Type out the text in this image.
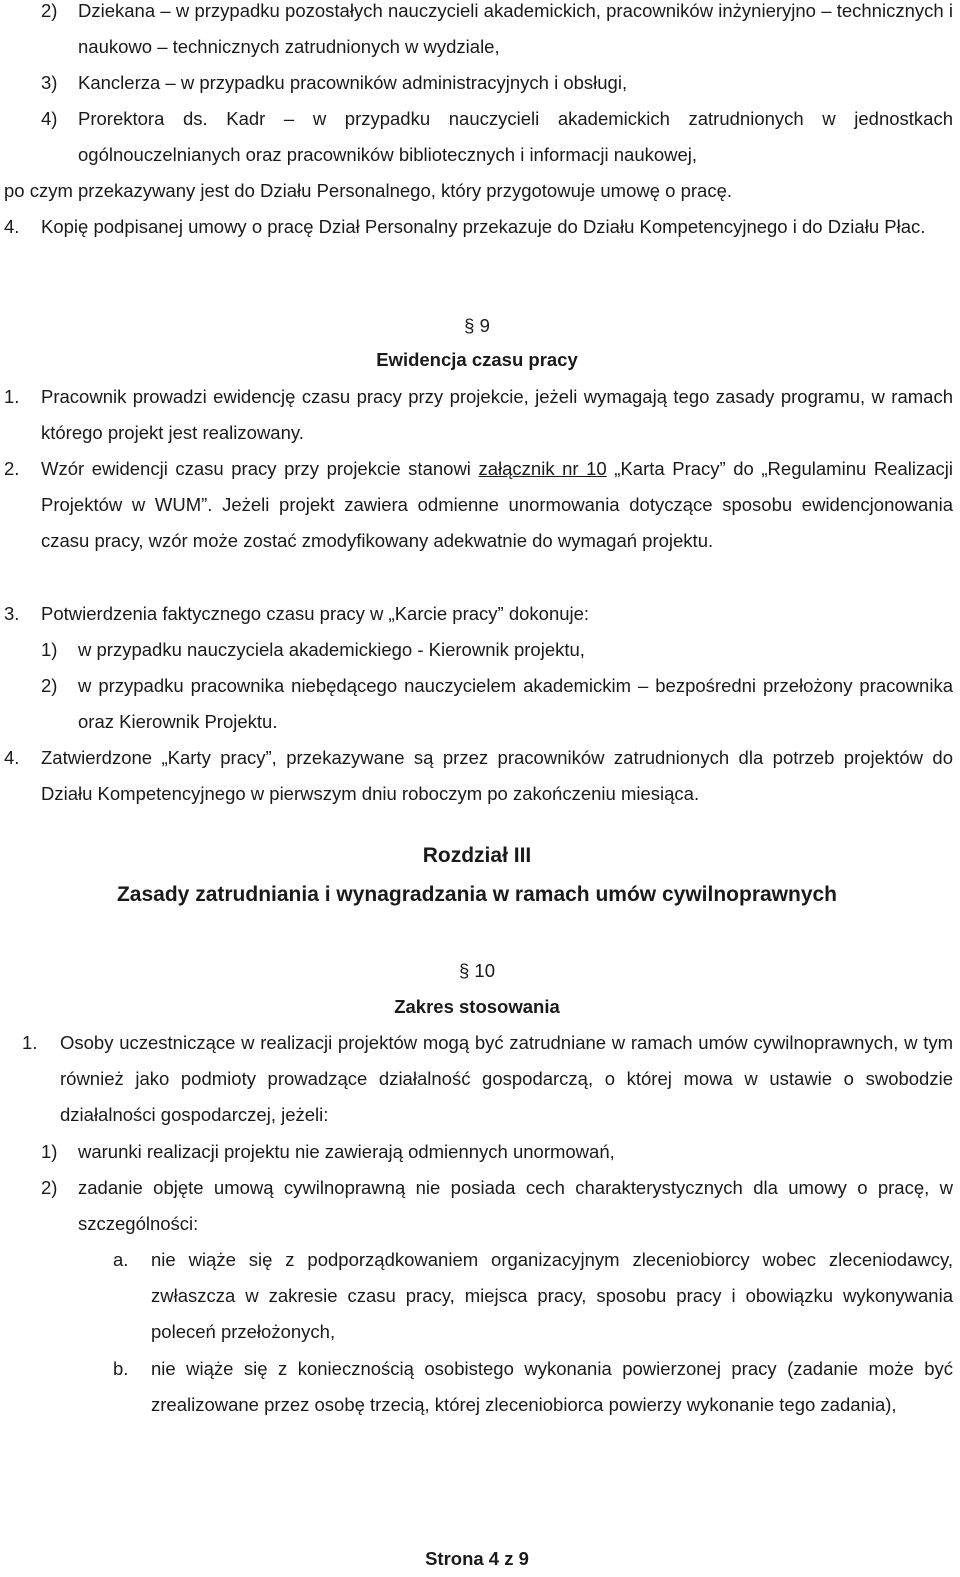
2) Dziekana – w przypadku pozostałych nauczycieli akademickich, pracowników inżynieryjno – technicznych i naukowo – technicznych zatrudnionych w wydziale,
3) Kanclerza – w przypadku pracowników administracyjnych i obsługi,
4) Prorektora ds. Kadr – w przypadku nauczycieli akademickich zatrudnionych w jednostkach ogólnouczelnianych oraz pracowników bibliotecznych i informacji naukowej,
po czym przekazywany jest do Działu Personalnego, który przygotowuje umowę o pracę.
4. Kopię podpisanej umowy o pracę Dział Personalny przekazuje do Działu Kompetencyjnego i do Działu Płac.
§ 9
Ewidencja czasu pracy
1. Pracownik prowadzi ewidencję czasu pracy przy projekcie, jeżeli wymagają tego zasady programu, w ramach którego projekt jest realizowany.
2. Wzór ewidencji czasu pracy przy projekcie stanowi załącznik nr 10 „Karta Pracy” do „Regulaminu Realizacji Projektów w WUM”. Jeżeli projekt zawiera odmienne unormowania dotyczące sposobu ewidencjonowania czasu pracy, wzór może zostać zmodyfikowany adekwatnie do wymagań projektu.
3. Potwierdzenia faktycznego czasu pracy w „Karcie pracy” dokonuje:
1) w przypadku nauczyciela akademickiego - Kierownik projektu,
2) w przypadku pracownika niebędącego nauczycielem akademickim – bezpośredni przełożony pracownika oraz Kierownik Projektu.
4. Zatwierdzone „Karty pracy”, przekazywane są przez pracowników zatrudnionych dla potrzeb projektów do Działu Kompetencyjnego w pierwszym dniu roboczym po zakończeniu miesiąca.
Rozdział III
Zasady zatrudniania i wynagradzania w ramach umów cywilnoprawnych
§ 10
Zakres stosowania
1. Osoby uczestniczące w realizacji projektów mogą być zatrudniane w ramach umów cywilnoprawnych, w tym również jako podmioty prowadzące działalność gospodarczą, o której mowa w ustawie o swobodzie działalności gospodarczej, jeżeli:
1) warunki realizacji projektu nie zawierają odmiennych unormowań,
2) zadanie objęte umową cywilnoprawną nie posiada cech charakterystycznych dla umowy o pracę, w szczególności:
a. nie wiąże się z podporządkowaniem organizacyjnym zleceniobiorcy wobec zleceniodawcy, zwłaszcza w zakresie czasu pracy, miejsca pracy, sposobu pracy i obowiązku wykonywania poleceń przełożonych,
b. nie wiąże się z koniecznością osobistego wykonania powierzonej pracy (zadanie może być zrealizowane przez osobę trzecią, której zleceniobiorca powierzy wykonanie tego zadania),
Strona 4 z 9
